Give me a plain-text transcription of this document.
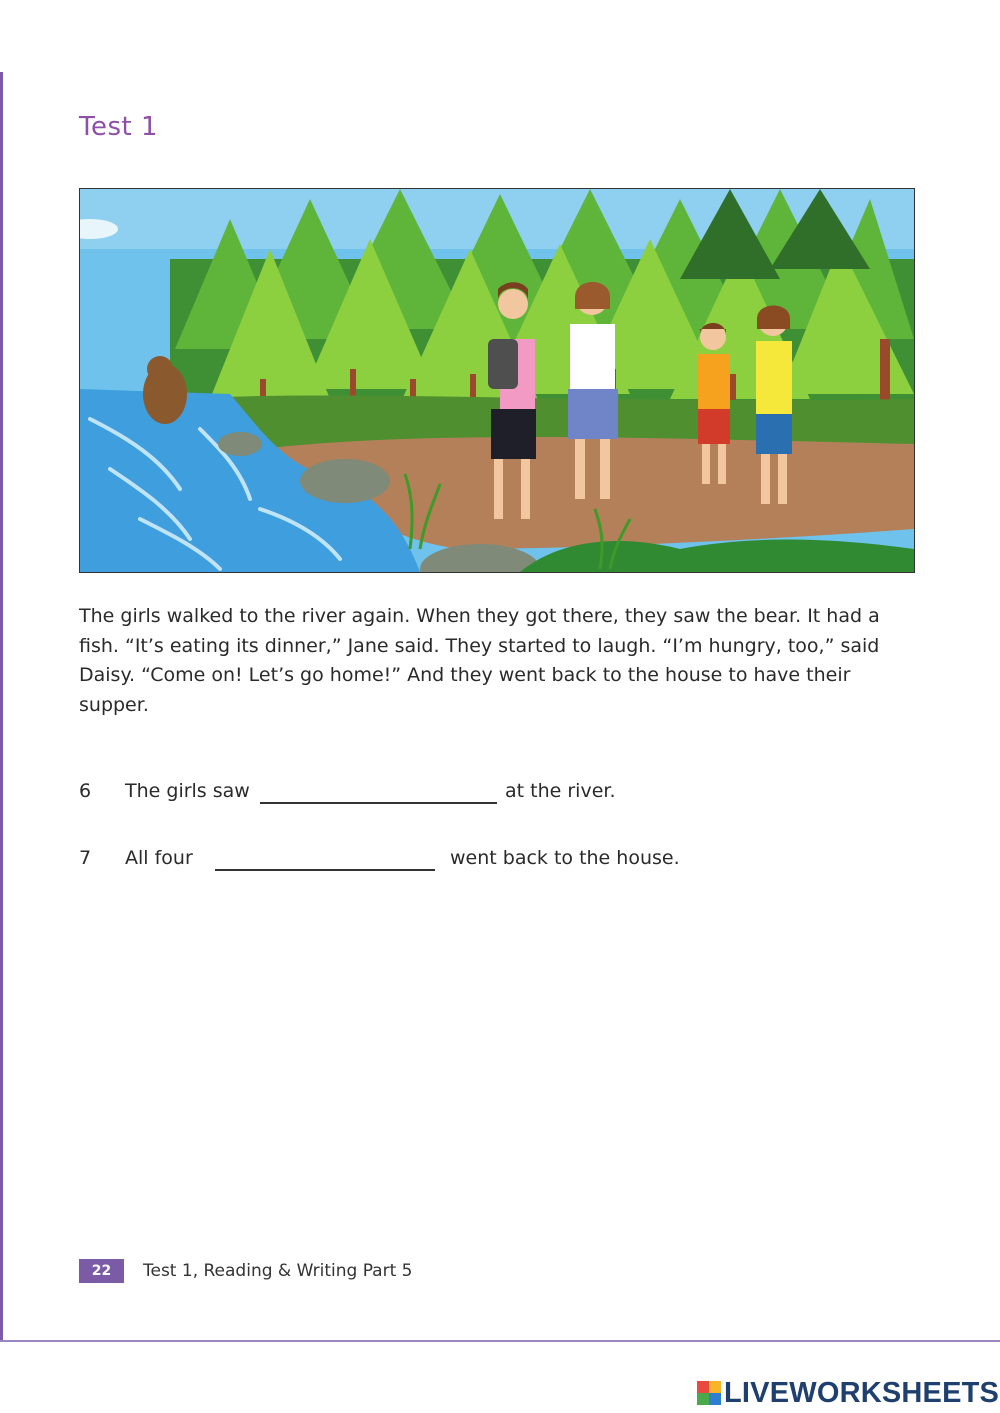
Test 1

The girls walked to the river again. When they got there, they saw the bear. It had a fish. “It’s eating its dinner,” Jane said. They started to laugh. “I’m hungry, too,” said Daisy. “Come on! Let’s go home!” And they went back to the house to have their supper.

6 The girls saw	at the river.
7 All four	went back to the house.
22	Test 1, Reading & Writing Part 5
LIVEWORKSHEETS
